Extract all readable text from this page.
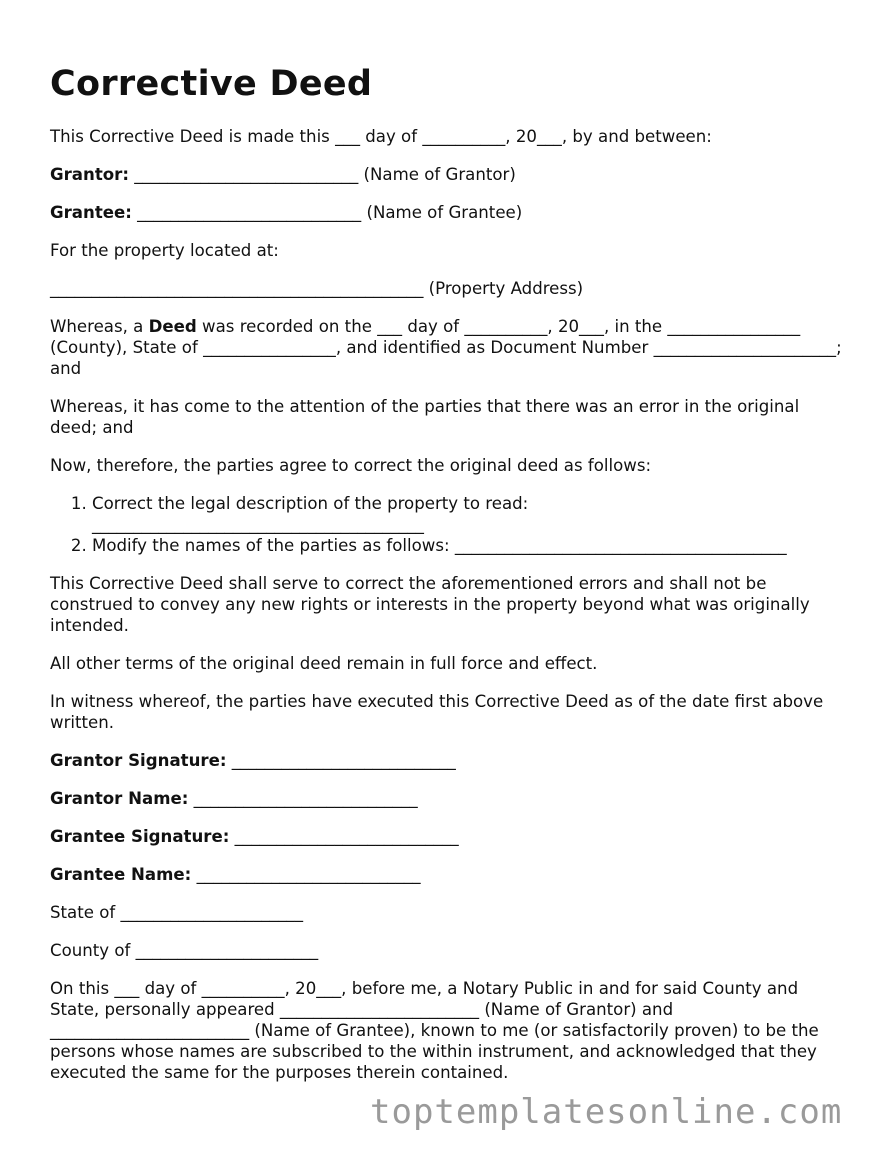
Corrective Deed

This Corrective Deed is made this ___ day of __________, 20___, by and between:

Grantor: ___________________________ (Name of Grantor)

Grantee: ___________________________ (Name of Grantee)

For the property located at:

_____________________________________________ (Property Address)

Whereas, a Deed was recorded on the ___ day of __________, 20___, in the ________________ (County), State of ________________, and identified as Document Number ______________________; and

Whereas, it has come to the attention of the parties that there was an error in the original deed; and

Now, therefore, the parties agree to correct the original deed as follows:

1. Correct the legal description of the property to read: ________________________________________
2. Modify the names of the parties as follows: ________________________________________

This Corrective Deed shall serve to correct the aforementioned errors and shall not be construed to convey any new rights or interests in the property beyond what was originally intended.

All other terms of the original deed remain in full force and effect.

In witness whereof, the parties have executed this Corrective Deed as of the date first above written.

Grantor Signature: ___________________________

Grantor Name: ___________________________

Grantee Signature: ___________________________

Grantee Name: ___________________________

State of ______________________

County of ______________________

On this ___ day of __________, 20___, before me, a Notary Public in and for said County and State, personally appeared ________________________ (Name of Grantor) and ________________________ (Name of Grantee), known to me (or satisfactorily proven) to be the persons whose names are subscribed to the within instrument, and acknowledged that they executed the same for the purposes therein contained.

toptemplatesonline.com
